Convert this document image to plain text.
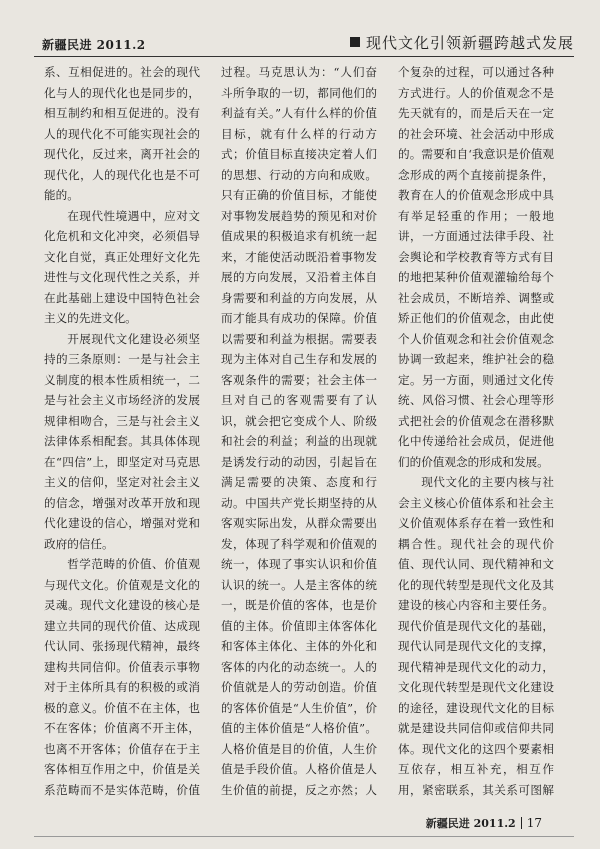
新疆民进 2011.2	现代文化引领新疆跨越式发展

系、互相促进的。社会的现代化与人的现代化也是同步的，相互制约和相互促进的。没有人的现代化不可能实现社会的现代化，反过来，离开社会的现代化，人的现代化也是不可能的。

在现代性境遇中，应对文化危机和文化冲突，必须倡导文化自觉，真正处理好文化先进性与文化现代性之关系，并在此基础上建设中国特色社会主义的先进文化。

开展现代文化建设必须坚持的三条原则：一是与社会主义制度的根本性质相统一，二是与社会主义市场经济的发展规律相吻合，三是与社会主义法律体系相配套。其具体体现在“四信”上，即坚定对马克思主义的信仰，坚定对社会主义的信念，增强对改革开放和现代化建设的信心，增强对党和政府的信任。

哲学范畴的价值、价值观与现代文化。价值观是文化的灵魂。现代文化建设的核心是建立共同的现代价值、达成现代认同、张扬现代精神，最终建构共同信仰。价值表示事物对于主体所具有的积极的或消极的意义。价值不在主体，也不在客体；价值离不开主体，也离不开客体；价值存在于主客体相互作用之中，价值是关系范畴而不是实体范畴，价值

过程。马克思认为：“人们奋斗所争取的一切，都同他们的利益有关。”人有什么样的价值目标，就有什么样的行动方式；价值目标直接决定着人们的思想、行动的方向和成败。只有正确的价值目标，才能使对事物发展趋势的预见和对价值成果的积极追求有机统一起来，才能使活动既沿着事物发展的方向发展，又沿着主体自身需要和利益的方向发展，从而才能具有成功的保障。价值以需要和利益为根据。需要表现为主体对自己生存和发展的客观条件的需要；社会主体一旦对自己的客观需要有了认识，就会把它变成个人、阶级和社会的利益；利益的出现就是诱发行动的动因，引起旨在满足需要的决策、态度和行动。中国共产党长期坚持的从客观实际出发，从群众需要出发，体现了科学观和价值观的统一，体现了事实认识和价值认识的统一。人是主客体的统一，既是价值的客体，也是价值的主体。价值即主体客体化和客体主体化、主体的外化和客体的内化的动态统一。人的价值就是人的劳动创造。价值的客体价值是“人生价值”，价值的主体价值是“人格价值”。人格价值是目的价值，人生价值是手段价值。人格价值是人生价值的前提，反之亦然；人

个复杂的过程，可以通过各种方式进行。人的价值观念不是先天就有的，而是后天在一定的社会环境、社会活动中形成的。需要和自‘我意识是价值观念形成的两个直接前提条件，教育在人的价值观念形成中具有举足轻重的作用；一般地讲，一方面通过法律手段、社会舆论和学校教育等方式有目的地把某种价值观灌输给每个社会成员，不断培养、调整或矫正他们的价值观念，由此使个人价值观念和社会价值观念协调一致起来，维护社会的稳定。另一方面，则通过文化传统、风俗习惯、社会心理等形式把社会的价值观念在潜移默化中传递给社会成员，促进他们的价值观念的形成和发展。

现代文化的主要内核与社会主义核心价值体系和社会主义价值观体系存在着一致性和耦合性。现代社会的现代价值、现代认同、现代精神和文化的现代转型是现代文化及其建设的核心内容和主要任务。现代价值是现代文化的基础，现代认同是现代文化的支撑，现代精神是现代文化的动力，文化现代转型是现代文化建设的途径，建设现代文化的目标就是建设共同信仰或信仰共同体。现代文化的这四个要素相互依存，相互补充，相互作用，紧密联系，其关系可图解

新疆民进 2011.2 17
